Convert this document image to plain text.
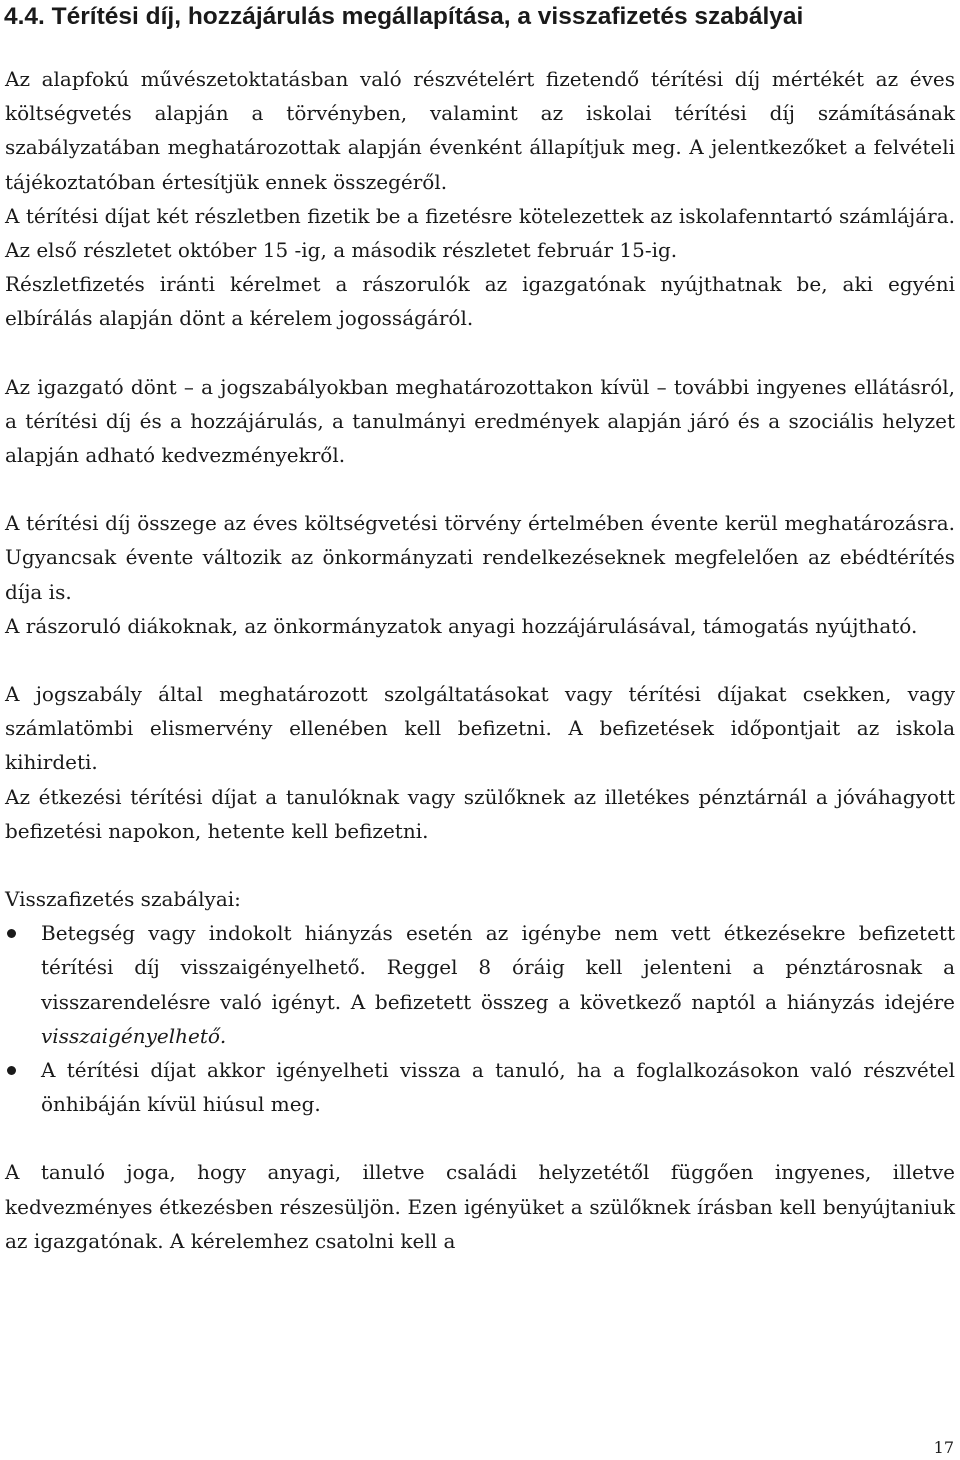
4.4. Térítési díj, hozzájárulás megállapítása, a visszafizetés szabályai

Az alapfokú művészetoktatásban való részvételért fizetendő térítési díj mértékét az éves költségvetés alapján a törvényben, valamint az iskolai térítési díj számításának szabályzatában meghatározottak alapján évenként állapítjuk meg. A jelentkezőket a felvételi tájékoztatóban értesítjük ennek összegéről.

A térítési díjat két részletben fizetik be a fizetésre kötelezettek az iskolafenntartó számlájára. Az első részletet október 15 -ig, a második részletet február 15-ig.

Részletfizetés iránti kérelmet a rászorulók az igazgatónak nyújthatnak be, aki egyéni elbírálás alapján dönt a kérelem jogosságáról.

Az igazgató dönt – a jogszabályokban meghatározottakon kívül – további ingyenes ellátásról, a térítési díj és a hozzájárulás, a tanulmányi eredmények alapján járó és a szociális helyzet alapján adható kedvezményekről.

A térítési díj összege az éves költségvetési törvény értelmében évente kerül meghatározásra. Ugyancsak évente változik az önkormányzati rendelkezéseknek megfelelően az ebédtérítés díja is.

A rászoruló diákoknak, az önkormányzatok anyagi hozzájárulásával, támogatás nyújtható.

A jogszabály által meghatározott szolgáltatásokat vagy térítési díjakat csekken, vagy számlatömbi elismervény ellenében kell befizetni. A befizetések időpontjait az iskola kihirdeti.

Az étkezési térítési díjat a tanulóknak vagy szülőknek az illetékes pénztárnál a jóváhagyott befizetési napokon, hetente kell befizetni.

Visszafizetés szabályai:

Betegség vagy indokolt hiányzás esetén az igénybe nem vett étkezésekre befizetett térítési díj visszaigényelhető. Reggel 8 óráig kell jelenteni a pénztárosnak a visszarendelésre való igényt. A befizetett összeg a következő naptól a hiányzás idejére visszaigényelhető.
A térítési díjat akkor igényelheti vissza a tanuló, ha a foglalkozásokon való részvétel önhibáján kívül hiúsul meg.

A tanuló joga, hogy anyagi, illetve családi helyzetétől függően ingyenes, illetve kedvezményes étkezésben részesüljön. Ezen igényüket a szülőknek írásban kell benyújtaniuk az igazgatónak. A kérelemhez csatolni kell a

17
